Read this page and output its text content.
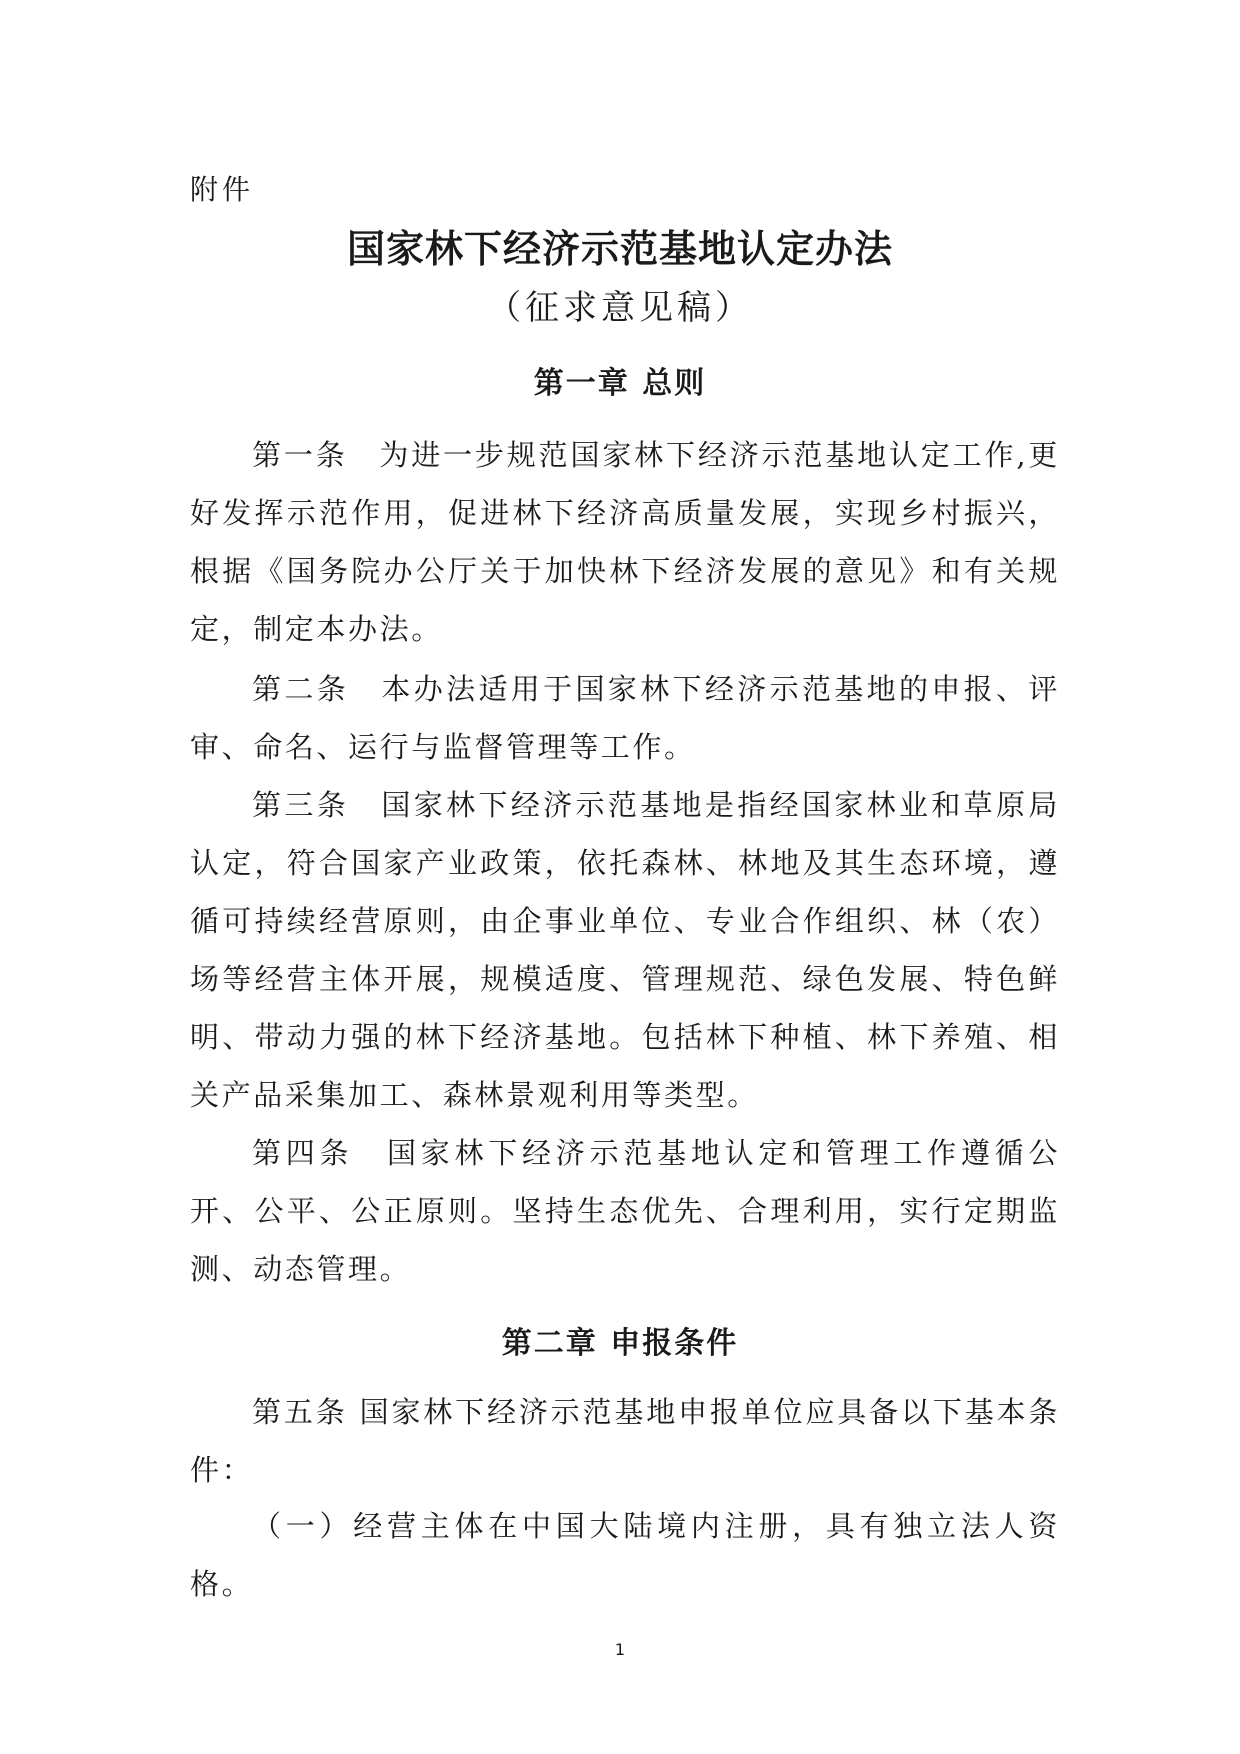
附件
国家林下经济示范基地认定办法
（征求意见稿）
第一章 总则

第一条　为进一步规范国家林下经济示范基地认定工作,更好发挥示范作用，促进林下经济高质量发展，实现乡村振兴，根据《国务院办公厅关于加快林下经济发展的意见》和有关规定，制定本办法。

第二条　本办法适用于国家林下经济示范基地的申报、评审、命名、运行与监督管理等工作。

第三条　国家林下经济示范基地是指经国家林业和草原局认定，符合国家产业政策，依托森林、林地及其生态环境，遵循可持续经营原则，由企事业单位、专业合作组织、林（农）场等经营主体开展，规模适度、管理规范、绿色发展、特色鲜明、带动力强的林下经济基地。包括林下种植、林下养殖、相关产品采集加工、森林景观利用等类型。

第四条　国家林下经济示范基地认定和管理工作遵循公开、公平、公正原则。坚持生态优先、合理利用，实行定期监测、动态管理。

第二章 申报条件

第五条 国家林下经济示范基地申报单位应具备以下基本条件：

（一）经营主体在中国大陆境内注册，具有独立法人资格。

1
